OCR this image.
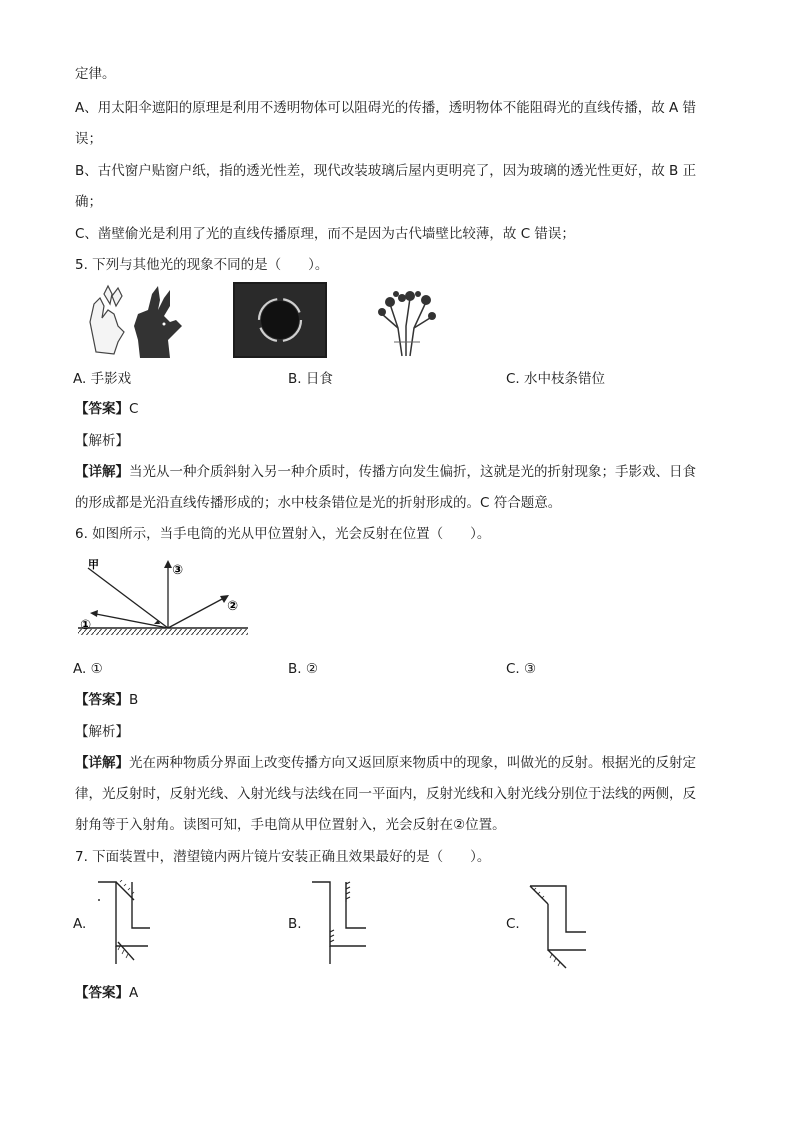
定律。
A、用太阳伞遮阳的原理是利用不透明物体可以阻碍光的传播，透明物体不能阻碍光的直线传播，故 A 错
误；
B、古代窗户贴窗户纸，指的透光性差，现代改装玻璃后屋内更明亮了，因为玻璃的透光性更好，故 B 正
确；
C、凿壁偷光是利用了光的直线传播原理，而不是因为古代墙壁比较薄，故 C 错误；
5. 下列与其他光的现象不同的是（　　）。
A. 手影戏	B. 日食	C. 水中枝条错位
【答案】C
【解析】
【详解】当光从一种介质斜射入另一种介质时，传播方向发生偏折，这就是光的折射现象；手影戏、日食
的形成都是光沿直线传播形成的；水中枝条错位是光的折射形成的。C 符合题意。
6. 如图所示，当手电筒的光从甲位置射入，光会反射在位置（　　）。
甲
①
②
③
A. ①	B. ②	C. ③
【答案】B
【解析】
【详解】光在两种物质分界面上改变传播方向又返回原来物质中的现象，叫做光的反射。根据光的反射定
律，光反射时，反射光线、入射光线与法线在同一平面内，反射光线和入射光线分别位于法线的两侧，反
射角等于入射角。读图可知，手电筒从甲位置射入，光会反射在②位置。
7. 下面装置中，潜望镜内两片镜片安装正确且效果最好的是（　　）。
A.	B.	C.
【答案】A
